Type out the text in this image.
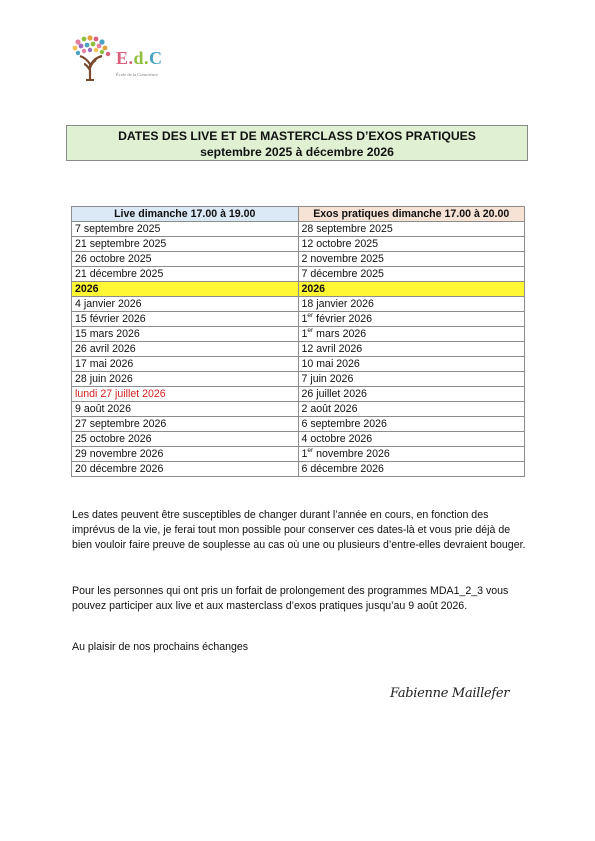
E.d.C
École de la Conscience
DATES DES LIVE ET DE MASTERCLASS D’EXOS PRATIQUES
septembre 2025 à décembre 2026
Live dimanche 17.00 à 19.00	Exos pratiques dimanche 17.00 à 20.00
7 septembre 2025	28 septembre 2025
21 septembre 2025	12 octobre 2025
26 octobre 2025	2 novembre 2025
21 décembre 2025	7 décembre 2025
2026	2026
4 janvier 2026	18 janvier 2026
15 février 2026	1er février 2026
15 mars 2026	1er mars 2026
26 avril 2026	12 avril 2026
17 mai 2026	10 mai 2026
28 juin 2026	7 juin 2026
lundi 27 juillet 2026	26 juillet 2026
9 août 2026	2 août 2026
27 septembre 2026	6 septembre 2026
25 octobre 2026	4 octobre 2026
29 novembre 2026	1er novembre 2026
20 décembre 2026	6 décembre 2026

Les dates peuvent être susceptibles de changer durant l’année en cours, en fonction des imprévus de la vie, je ferai tout mon possible pour conserver ces dates-là et vous prie déjà de bien vouloir faire preuve de souplesse au cas où une ou plusieurs d’entre-elles devraient bouger.

Pour les personnes qui ont pris un forfait de prolongement des programmes MDA1_2_3 vous pouvez participer aux live et aux masterclass d’exos pratiques jusqu’au 9 août 2026.

Au plaisir de nos prochains échanges

Fabienne Maillefer
